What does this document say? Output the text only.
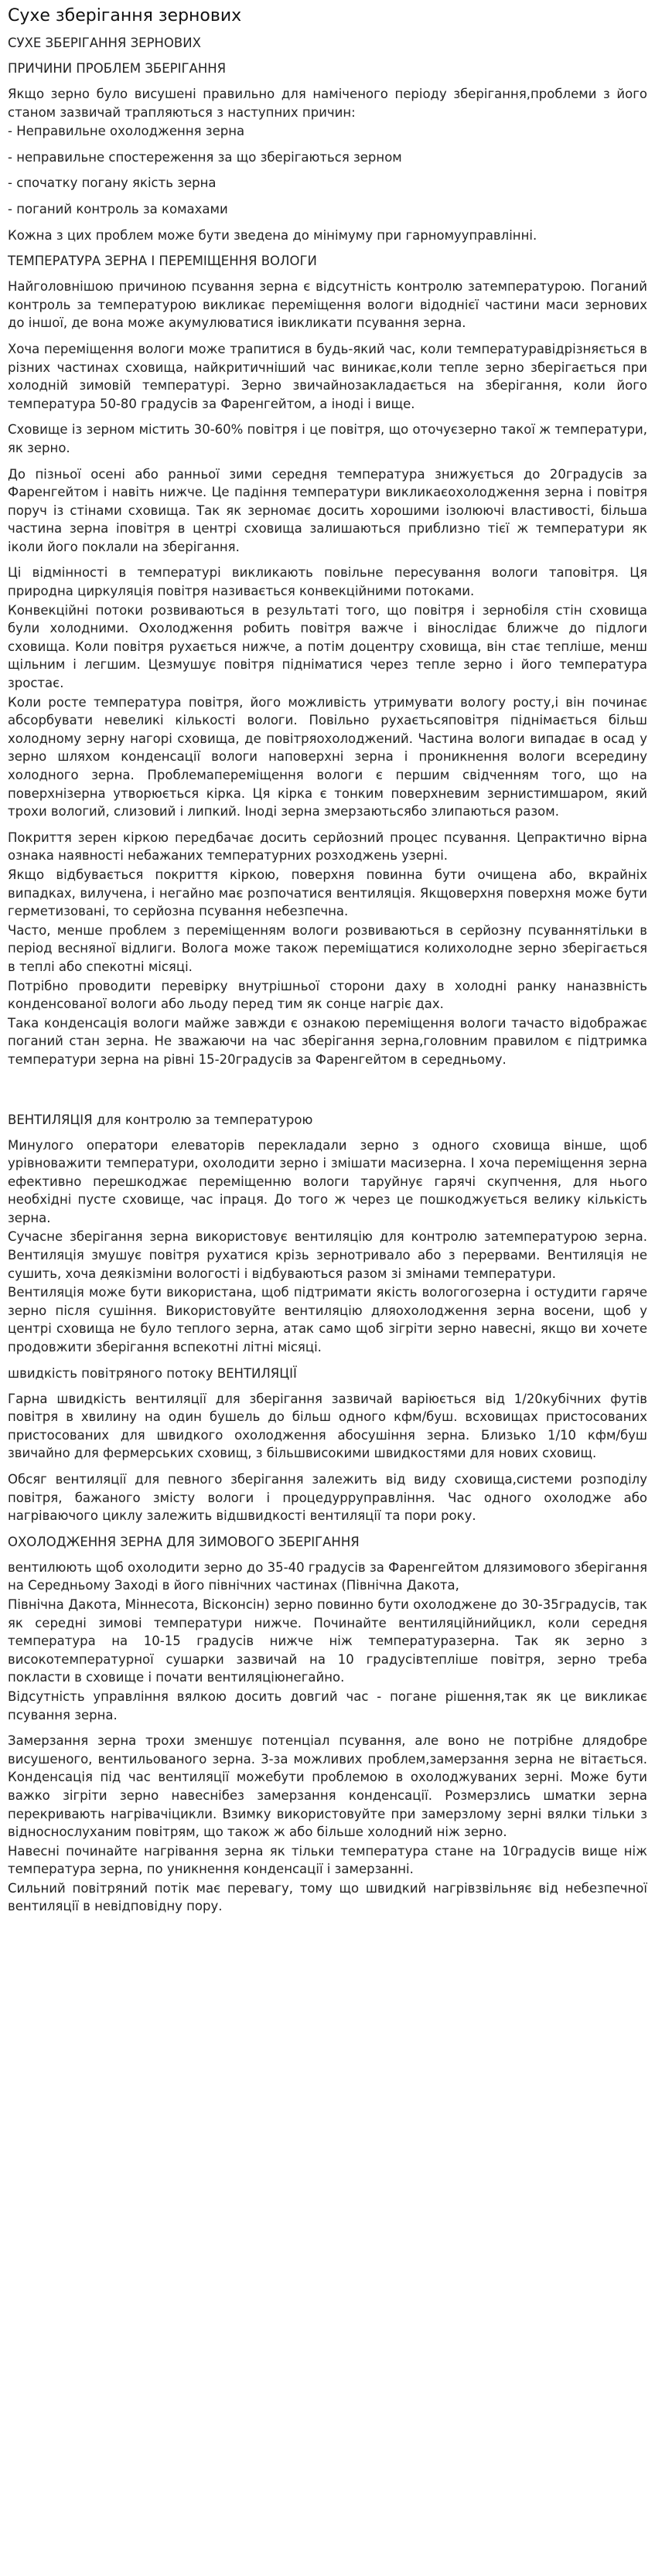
Сухе зберігання зернових
СУХЕ ЗБЕРІГАННЯ ЗЕРНОВИХ
ПРИЧИНИ ПРОБЛЕМ ЗБЕРІГАННЯ

Якщо зерно було висушені правильно для наміченого періоду зберігання,проблеми з його станом зазвичай трапляються з наступних причин:

- Неправильне охолодження зерна

- неправильне спостереження за що зберігаються зерном

- спочатку погану якість зерна

- поганий контроль за комахами

Кожна з цих проблем може бути зведена до мінімуму при гарномууправлінні.

ТЕМПЕРАТУРА ЗЕРНА І ПЕРЕМІЩЕННЯ ВОЛОГИ

Найголовнішою причиною псування зерна є відсутність контролю затемпературою. Поганий контроль за температурою викликає переміщення вологи відоднієї частини маси зернових до іншої, де вона може акумулюватися івикликати псування зерна.

Хоча переміщення вологи може трапитися в будь-який час, коли температуравідрізняється в різних частинах сховища, найкритичніший час виникає,коли тепле зерно зберігається при холодній зимовій температурі. Зерно звичайнозакладається на зберігання, коли його температура 50-80 градусів за Фаренгейтом, а іноді і вище.

Сховище із зерном містить 30-60% повітря і це повітря, що оточуєзерно такої ж температури, як зерно.

До пізньої осені або ранньої зими середня температура знижується до 20градусів за Фаренгейтом і навіть нижче. Це падіння температури викликаєохолодження зерна і повітря поруч із стінами сховища. Так як зерномає досить хорошими ізолюючі властивості, більша частина зерна іповітря в центрі сховища залишаються приблизно тієї ж температури як іколи його поклали на зберігання.

Ці відмінності в температурі викликають повільне пересування вологи таповітря. Ця природна циркуляція повітря називається конвекційними потоками.

Конвекційні потоки розвиваються в результаті того, що повітря і зернобіля стін сховища були холодними. Охолодження робить повітря важче і вінослідає ближче до підлоги сховища. Коли повітря рухається нижче, а потім доцентру сховища, він стає тепліше, менш щільним і легшим. Цезмушує повітря підніматися через тепле зерно і його температура зростає.

Коли росте температура повітря, його можливість утримувати вологу росту,і він починає абсорбувати невеликі кількості вологи. Повільно рухаєтьсяповітря піднімається більш холодному зерну нагорі сховища, де повітряохолоджений. Частина вологи випадає в осад у зерно шляхом конденсації вологи наповерхні зерна і проникнення вологи всередину холодного зерна. Проблемапереміщення вологи є першим свідченням того, що на поверхнізерна утворюється кірка. Ця кірка є тонким поверхневим зернистимшаром, який трохи вологий, слизовий і липкий. Іноді зерна змерзаютьсябо злипаються разом.

Покриття зерен кіркою передбачає досить серйозний процес псування. Цепрактично вірна ознака наявності небажаних температурних розходжень узерні.

Якщо відбувається покриття кіркою, поверхня повинна бути очищена або, вкрайніх випадках, вилучена, і негайно має розпочатися вентиляція. Якщоверхня поверхня може бути герметизовані, то серйозна псування небезпечна.

Часто, менше проблем з переміщенням вологи розвиваються в серйозну псуваннятільки в період весняної відлиги. Волога може також переміщатися колихолодне зерно зберігається в теплі або спекотні місяці.

Потрібно проводити перевірку внутрішньої сторони даху в холодні ранку наназвність конденсованої вологи або льоду перед тим як сонце нагріє дах.

Така конденсація вологи майже завжди є ознакою переміщення вологи тачасто відображає поганий стан зерна. Не зважаючи на час зберігання зерна,головним правилом є підтримка температури зерна на рівні 15-20градусів за Фаренгейтом в середньому.

ВЕНТИЛЯЦІЯ для контролю за температурою

Минулого оператори елеваторів перекладали зерно з одного сховища вінше, щоб урівноважити температури, охолодити зерно і змішати масизерна. І хоча переміщення зерна ефективно перешкоджає переміщенню вологи таруйнує гарячі скупчення, для нього необхідні пусте сховище, час іпраця. До того ж через це пошкоджується велику кількість зерна.

Сучасне зберігання зерна використовує вентиляцію для контролю затемпературою зерна. Вентиляція змушує повітря рухатися крізь зернотривало або з перервами. Вентиляція не сушить, хоча деякізміни вологості і відбуваються разом зі змінами температури.

Вентиляція може бути використана, щоб підтримати якість вологогозерна і остудити гаряче зерно після сушіння. Використовуйте вентиляцію дляохолодження зерна восени, щоб у центрі сховища не було теплого зерна, атак само щоб зігріти зерно навесні, якщо ви хочете продовжити зберігання вспекотні літні місяці.

швидкість повітряного потоку ВЕНТИЛЯЦІЇ

Гарна швидкість вентиляції для зберігання зазвичай варіюється від 1/20кубічних футів повітря в хвилину на один бушель до більш одного кфм/буш. всховищах пристосованих пристосованих для швидкого охолодження абосушіння зерна. Близько 1/10 кфм/буш звичайно для фермерських сховищ, з більшвисокими швидкостями для нових сховищ.

Обсяг вентиляції для певного зберігання залежить від виду сховища,системи розподілу повітря, бажаного змісту вологи і процедурруправління. Час одного охолодже або нагріваючого циклу залежить відшвидкості вентиляції та пори року.

ОХОЛОДЖЕННЯ ЗЕРНА ДЛЯ ЗИМОВОГО ЗБЕРІГАННЯ

вентилюють щоб охолодити зерно до 35-40 градусів за Фаренгейтом длязимового зберігання на Середньому Заході в його північних частинах (Північна Дакота,

Північна Дакота, Міннесота, Вісконсін) зерно повинно бути охолоджене до 30-35градусів, так як середні зимові температури нижче. Починайте вентиляційнийцикл, коли середня температура на 10-15 градусів нижче ніж температуразерна. Так як зерно з високотемпературної сушарки зазвичай на 10 градусівтепліше повітря, зерно треба покласти в сховище і почати вентиляціюнегайно.

Відсутність управління вялкою досить довгий час - погане рішення,так як це викликає псування зерна.

Замерзання зерна трохи зменшує потенціал псування, але воно не потрібне длядобре висушеного, вентильованого зерна. 3-за можливих проблем,замерзання зерна не вітається. Конденсація під час вентиляції можебути проблемою в охолоджуваних зерні. Може бути важко зігріти зерно навеснібез замерзання конденсації. Розмерзлись шматки зерна перекривають нагрівачіцикли. Взимку використовуйте при замерзлому зерні вялки тільки з відноснослуханим повітрям, що також ж або більше холодний ніж зерно.

Навесні починайте нагрівання зерна як тільки температура стане на 10градусів вище ніж температура зерна, по уникнення конденсації і замерзанні.

Сильний повітряний потік має перевагу, тому що швидкий нагрівзвільняє від небезпечної вентиляції в невідповідну пору.
